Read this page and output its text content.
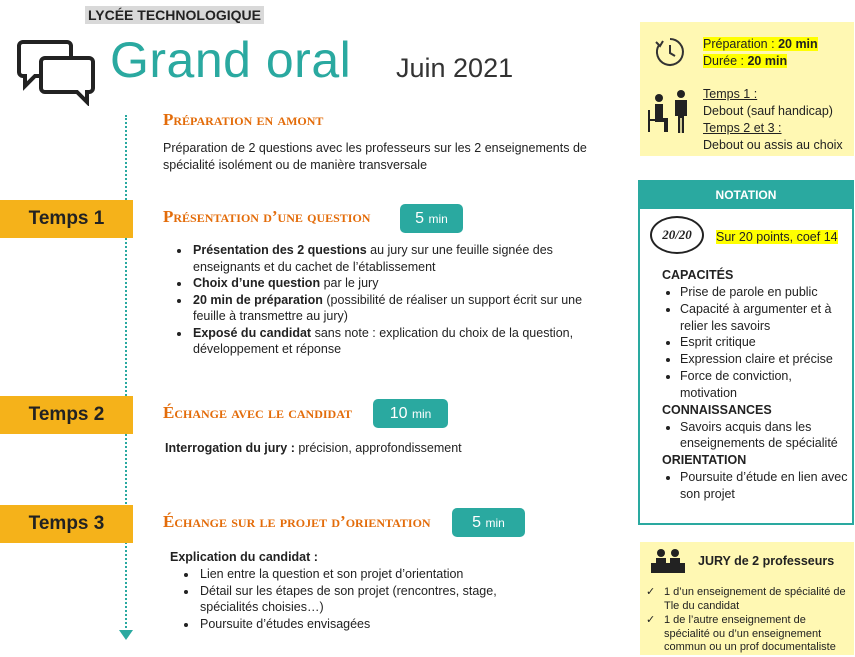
LYCÉE TECHNOLOGIQUE
Grand oral Juin 2021
Préparation en amont
Préparation de 2 questions avec les professeurs sur les 2 enseignements de spécialité isolément ou de manière transversale
Temps 1	Présentation d’une question	5 min
• Présentation des 2 questions au jury sur une feuille signée des enseignants et du cachet de l’établissement
• Choix d’une question par le jury
• 20 min de préparation (possibilité de réaliser un support écrit sur une feuille à transmettre au jury)
• Exposé du candidat sans note : explication du choix de la question, développement et réponse
Temps 2	Échange avec le candidat	10 min
Interrogation du jury : précision, approfondissement
Temps 3	Échange sur le projet d’orientation	5 min
Explication du candidat :
• Lien entre la question et son projet d’orientation
• Détail sur les étapes de son projet (rencontres, stage, spécialités choisies…)
• Poursuite d’études envisagées
Préparation : 20 min
Durée : 20 min
Temps 1 :
Debout (sauf handicap)
Temps 2 et 3 :
Debout ou assis au choix
NOTATION
20/20	Sur 20 points, coef 14
CAPACITÉS
• Prise de parole en public
• Capacité à argumenter et à relier les savoirs
• Esprit critique
• Expression claire et précise
• Force de conviction, motivation
CONNAISSANCES
• Savoirs acquis dans les enseignements de spécialité
ORIENTATION
• Poursuite d’étude en lien avec son projet
JURY de 2 professeurs
✓ 1 d’un enseignement de spécialité de Tle du candidat
✓ 1 de l’autre enseignement de spécialité ou d’un enseignement commun ou un prof documentaliste
